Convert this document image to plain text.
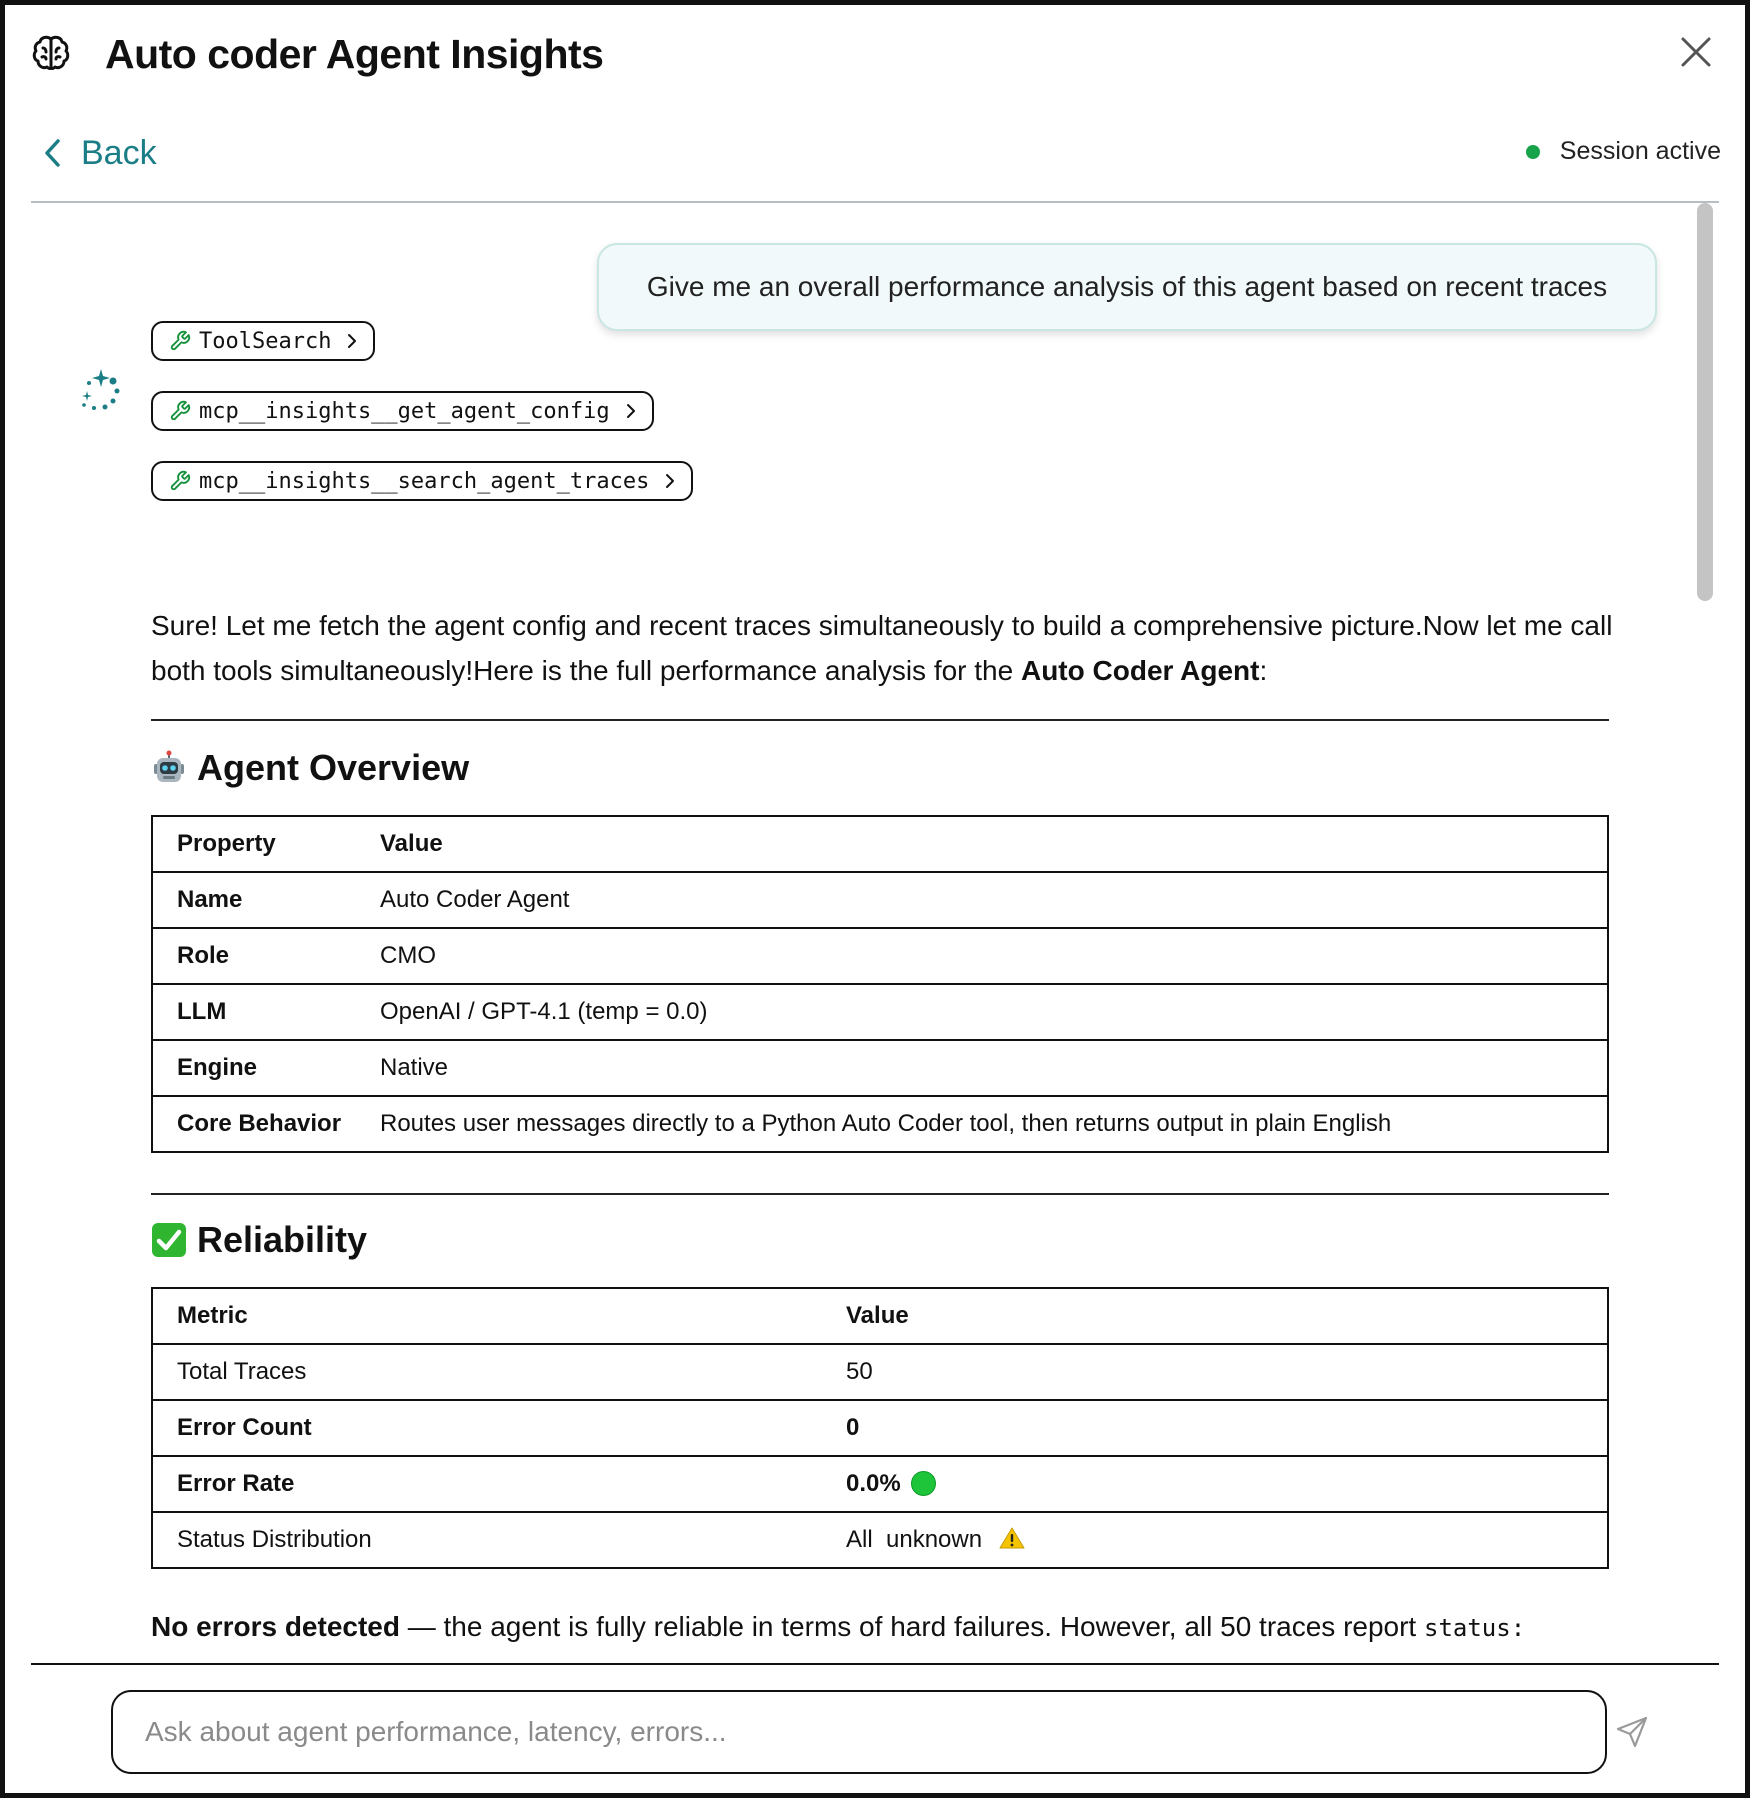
Auto coder Agent Insights
Back	Session active
Give me an overall performance analysis of this agent based on recent traces
ToolSearch
mcp__insights__get_agent_config
mcp__insights__search_agent_traces
Sure! Let me fetch the agent config and recent traces simultaneously to build a comprehensive picture.Now let me call both tools simultaneously!Here is the full performance analysis for the Auto Coder Agent:
Agent Overview
Property	Value
Name	Auto Coder Agent
Role	CMO
LLM	OpenAI / GPT-4.1 (temp = 0.0)
Engine	Native
Core Behavior	Routes user messages directly to a Python Auto Coder tool, then returns output in plain English
Reliability
Metric	Value
Total Traces	50
Error Count	0
Error Rate	0.0%
Status Distribution	All  unknown
No errors detected — the agent is fully reliable in terms of hard failures. However, all 50 traces report status:
Ask about agent performance, latency, errors...
